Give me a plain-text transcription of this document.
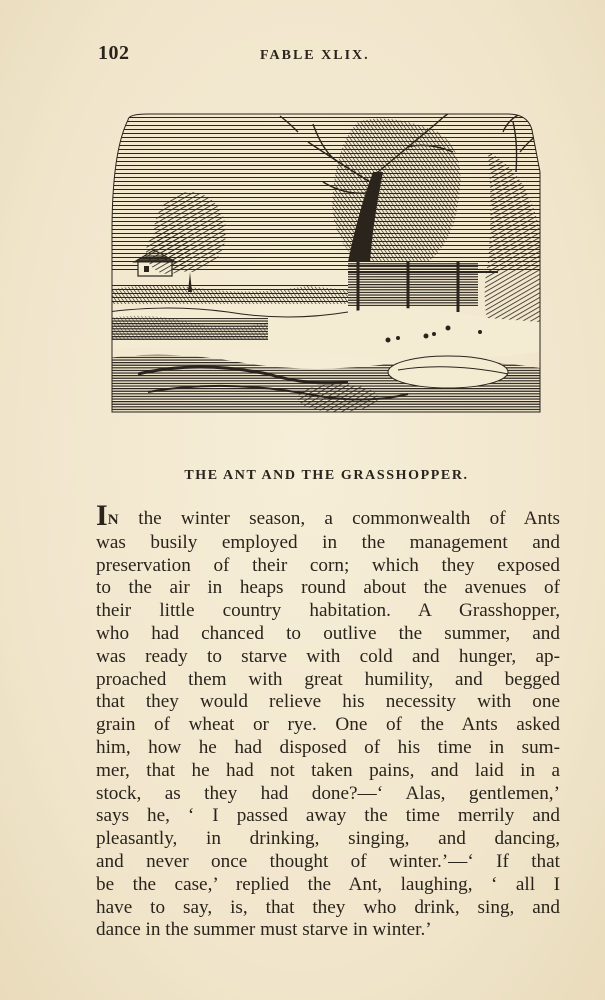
102	FABLE XLIX.
THE ANT AND THE GRASSHOPPER.
IN the winter season, a commonwealth of Ants
was busily employed in the management and
preservation of their corn; which they exposed
to the air in heaps round about the avenues of
their little country habitation. A Grasshopper,
who had chanced to outlive the summer, and
was ready to starve with cold and hunger, ap-
proached them with great humility, and begged
that they would relieve his necessity with one
grain of wheat or rye. One of the Ants asked
him, how he had disposed of his time in sum-
mer, that he had not taken pains, and laid in a
stock, as they had done?—‘ Alas, gentlemen,’
says he, ‘ I passed away the time merrily and
pleasantly, in drinking, singing, and dancing,
and never once thought of winter.’—‘ If that
be the case,’ replied the Ant, laughing, ‘ all I
have to say, is, that they who drink, sing, and
dance in the summer must starve in winter.’
